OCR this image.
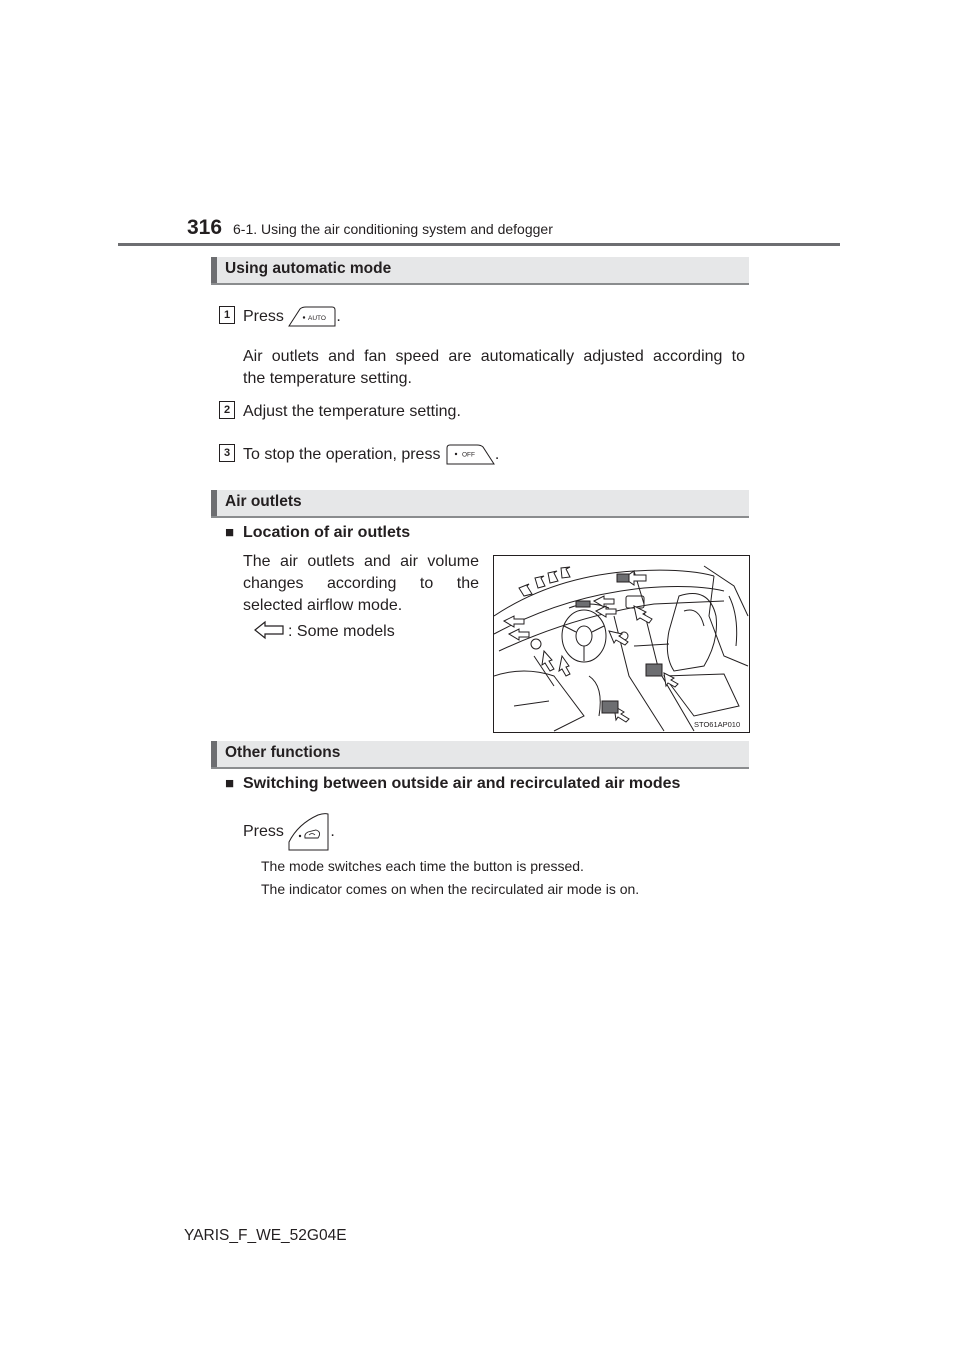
316 6-1. Using the air conditioning system and defogger
Using automatic mode
1 Press	AUTO .
Air outlets and fan speed are automatically adjusted according to
the temperature setting.
2 Adjust the temperature setting.
3 To stop the operation, press	OFF .
Air outlets
■ Location of air outlets
The air outlets and air volume
changes according to the
selected airflow mode.
: Some models
STO61AP010
Other functions
■ Switching between outside air and recirculated air modes
Press	.
The mode switches each time the button is pressed.
The indicator comes on when the recirculated air mode is on.
YARIS_F_WE_52G04E
